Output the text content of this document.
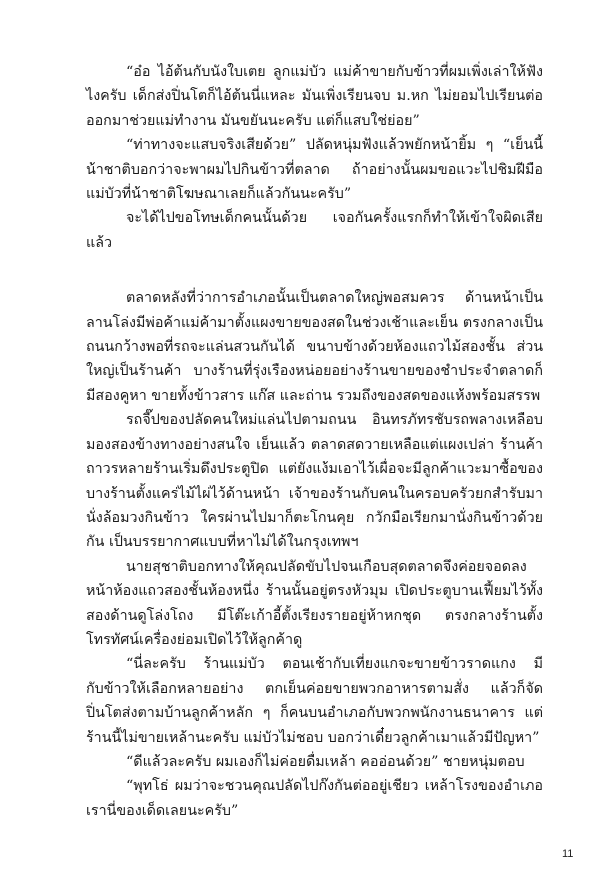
“อ๋อ ไอ้ต้นกับนังใบเตย ลูกแม่บัว แม่ค้าขายกับข้าวที่ผมเพิ่งเล่าให้ฟังไงครับ เด็กส่งปิ่นโตก็ไอ้ต้นนี่แหละ มันเพิ่งเรียนจบ ม.หก ไม่ยอมไปเรียนต่อ ออกมาช่วยแม่ทำงาน มันขยันนะครับ แต่ก็แสบใช่ย่อย”

“ท่าทางจะแสบจริงเสียด้วย” ปลัดหนุ่มฟังแล้วพยักหน้ายิ้ม ๆ “เย็นนี้น้าชาติบอกว่าจะพาผมไปกินข้าวที่ตลาด ถ้าอย่างนั้นผมขอแวะไปชิมฝีมือแม่บัวที่น้าชาติโฆษณาเลยก็แล้วกันนะครับ”

จะได้ไปขอโทษเด็กคนนั้นด้วย เจอกันครั้งแรกก็ทำให้เข้าใจผิดเสียแล้ว

ตลาดหลังที่ว่าการอำเภอนั้นเป็นตลาดใหญ่พอสมควร ด้านหน้าเป็นลานโล่งมีพ่อค้าแม่ค้ามาตั้งแผงขายของสดในช่วงเช้าและเย็น ตรงกลางเป็นถนนกว้างพอที่รถจะแล่นสวนกันได้ ขนาบข้างด้วยห้องแถวไม้สองชั้น ส่วนใหญ่เป็นร้านค้า บางร้านที่รุ่งเรืองหน่อยอย่างร้านขายของชำประจำตลาดก็มีสองคูหา ขายทั้งข้าวสาร แก๊ส และถ่าน รวมถึงของสดของแห้งพร้อมสรรพ

รถจี๊ปของปลัดคนใหม่แล่นไปตามถนน อินทรภัทรชับรถพลางเหลือบมองสองข้างทางอย่างสนใจ เย็นแล้ว ตลาดสดวายเหลือแต่แผงเปล่า ร้านค้าถาวรหลายร้านเริ่มดึงประตูปิด แต่ยังแง้มเอาไว้เผื่อจะมีลูกค้าแวะมาซื้อของ บางร้านตั้งแคร่ไม้ไผ่ไว้ด้านหน้า เจ้าของร้านกับคนในครอบครัวยกสำรับมานั่งล้อมวงกินข้าว ใครผ่านไปมาก็ตะโกนคุย กวักมือเรียกมานั่งกินข้าวด้วยกัน เป็นบรรยากาศแบบที่หาไม่ได้ในกรุงเทพฯ

นายสุชาติบอกทางให้คุณปลัดขับไปจนเกือบสุดตลาดจึงค่อยจอดลงหน้าห้องแถวสองชั้นห้องหนึ่ง ร้านนั้นอยู่ตรงหัวมุม เปิดประตูบานเฟี้ยมไว้ทั้งสองด้านดูโล่งโถง มีโต๊ะเก้าอี้ตั้งเรียงรายอยู่ห้าหกชุด ตรงกลางร้านตั้งโทรทัศน์เครื่องย่อมเปิดไว้ให้ลูกค้าดู

“นี่ละครับ ร้านแม่บัว ตอนเช้ากับเที่ยงแกจะขายข้าวราดแกง มีกับข้าวให้เลือกหลายอย่าง ตกเย็นค่อยขายพวกอาหารตามสั่ง แล้วก็จัดปิ่นโตส่งตามบ้านลูกค้าหลัก ๆ ก็คนบนอำเภอกับพวกพนักงานธนาคาร แต่ร้านนี้ไม่ขายเหล้านะครับ แม่บัวไม่ชอบ บอกว่าเดี๋ยวลูกค้าเมาแล้วมีปัญหา”

“ดีแล้วละครับ ผมเองก็ไม่ค่อยดื่มเหล้า คออ่อนด้วย” ชายหนุ่มตอบ

“พุทโธ่ ผมว่าจะชวนคุณปลัดไปก๊งกันต่ออยู่เชียว เหล้าโรงของอำเภอเรานี่ของเด็ดเลยนะครับ”

11
